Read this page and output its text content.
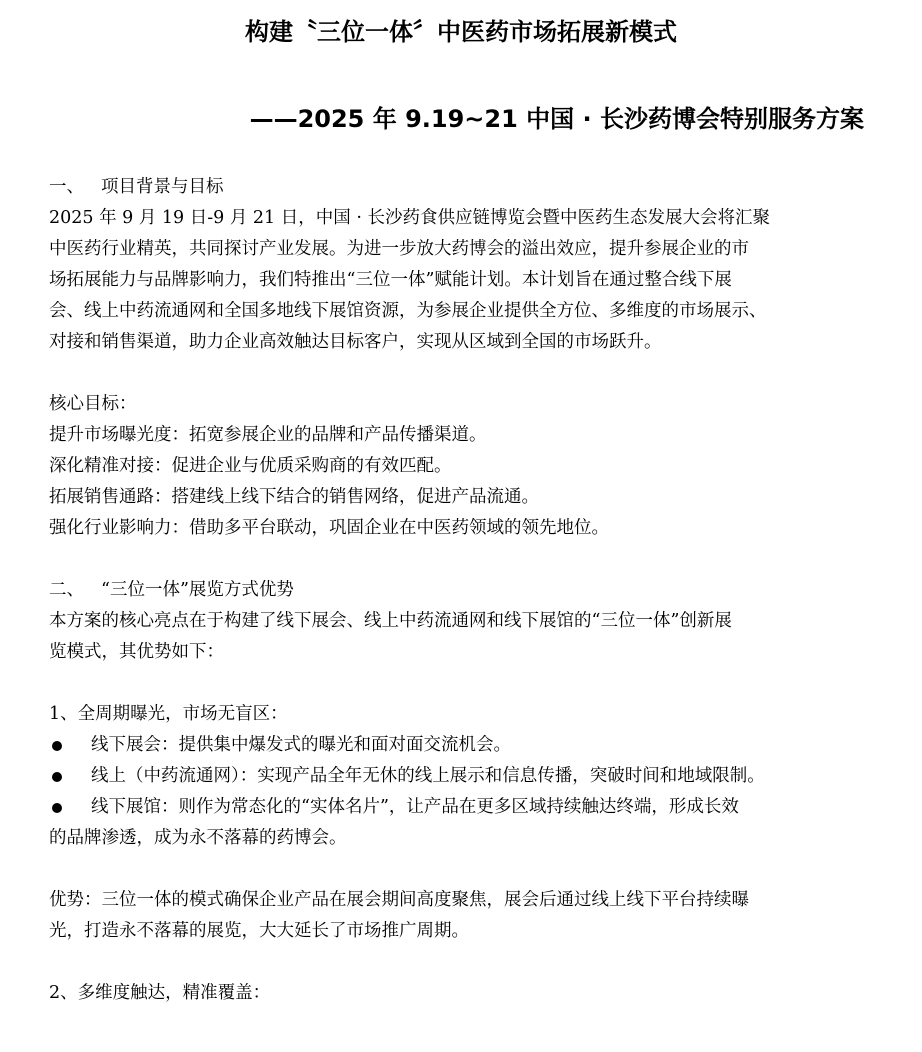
构建〝三位一体〞中医药市场拓展新模式
——2025 年 9.19~21 中国 · 长沙药博会特别服务方案

一、 项目背景与目标

2025 年 9 月 19 日-9 月 21 日，中国 · 长沙药食供应链博览会暨中医药生态发展大会将汇聚

中医药行业精英，共同探讨产业发展。为进一步放大药博会的溢出效应，提升参展企业的市

场拓展能力与品牌影响力，我们特推出“三位一体”赋能计划。本计划旨在通过整合线下展

会、线上中药流通网和全国多地线下展馆资源，为参展企业提供全方位、多维度的市场展示、

对接和销售渠道，助力企业高效触达目标客户，实现从区域到全国的市场跃升。

核心目标：

提升市场曝光度：拓宽参展企业的品牌和产品传播渠道。

深化精准对接：促进企业与优质采购商的有效匹配。

拓展销售通路：搭建线上线下结合的销售网络，促进产品流通。

强化行业影响力：借助多平台联动，巩固企业在中医药领域的领先地位。

二、 “三位一体”展览方式优势

本方案的核心亮点在于构建了线下展会、线上中药流通网和线下展馆的“三位一体”创新展

览模式，其优势如下：

1、全周期曝光，市场无盲区：

线下展会：提供集中爆发式的曝光和面对面交流机会。
线上（中药流通网）：实现产品全年无休的线上展示和信息传播，突破时间和地域限制。
线下展馆：则作为常态化的“实体名片”，让产品在更多区域持续触达终端，形成长效

的品牌渗透，成为永不落幕的药博会。

优势：三位一体的模式确保企业产品在展会期间高度聚焦，展会后通过线上线下平台持续曝

光，打造永不落幕的展览，大大延长了市场推广周期。

2、多维度触达，精准覆盖：
